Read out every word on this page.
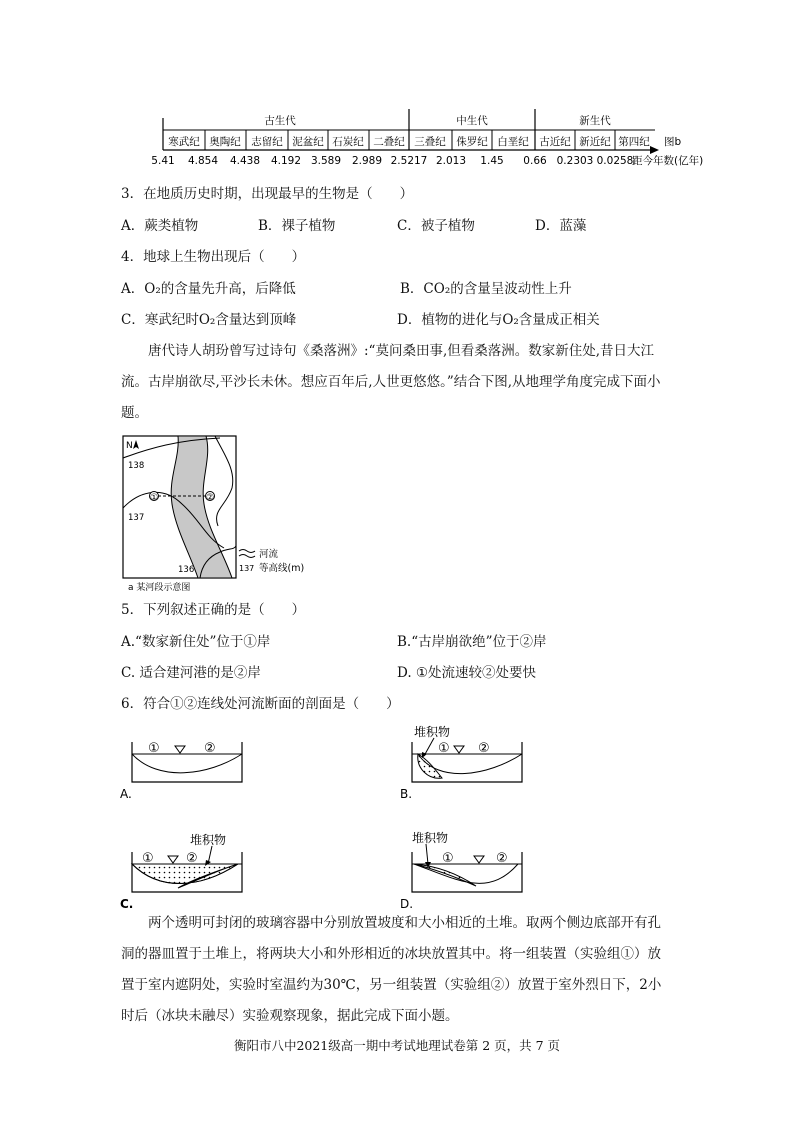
古生代	中生代	新生代
寒武纪 奥陶纪 志留纪 泥盆纪 石炭纪 二叠纪 三叠纪 侏罗纪 白垩纪 古近纪 新近纪 第四纪 图b
5.41 4.854 4.438 4.192 3.589 2.989 2.5217 2.013 1.45 0.66 0.2303 0.0258
距今年数(亿年)
3．在地质历史时期，出现最早的生物是（　　）
A．蕨类植物	B．裸子植物	C．被子植物	D．蓝藻
4．地球上生物出现后（　　）
A．O₂的含量先升高，后降低	B．CO₂的含量呈波动性上升
C．寒武纪时O₂含量达到顶峰	D．植物的进化与O₂含量成正相关
唐代诗人胡玢曾写过诗句《桑落洲》:“莫问桑田事,但看桑落洲。数家新住处,昔日大江流。古岸崩欲尽,平沙长未休。想应百年后,人世更悠悠。”结合下图,从地理学角度完成下面小题。
①	②
N
138
137
136	137
河流
等高线(m)
a 某河段示意图
5．下列叙述正确的是（　　）
A.“数家新住处”位于①岸	B.“古岸崩欲绝”位于②岸
C. 适合建河港的是②岸	D. ①处流速较②处要快
6．符合①②连线处河流断面的剖面是（　　）
①	②
A.
堆积物
① ②
B.
堆积物
① ②
C.
堆积物
①	②
D.
两个透明可封闭的玻璃容器中分别放置坡度和大小相近的土堆。取两个侧边底部开有孔洞的器皿置于土堆上，将两块大小和外形相近的冰块放置其中。将一组装置（实验组①）放置于室内遮阴处，实验时室温约为30℃，另一组装置（实验组②）放置于室外烈日下，2小时后（冰块未融尽）实验观察现象，据此完成下面小题。
衡阳市八中2021级高一期中考试地理试卷第 2 页，共 7 页
